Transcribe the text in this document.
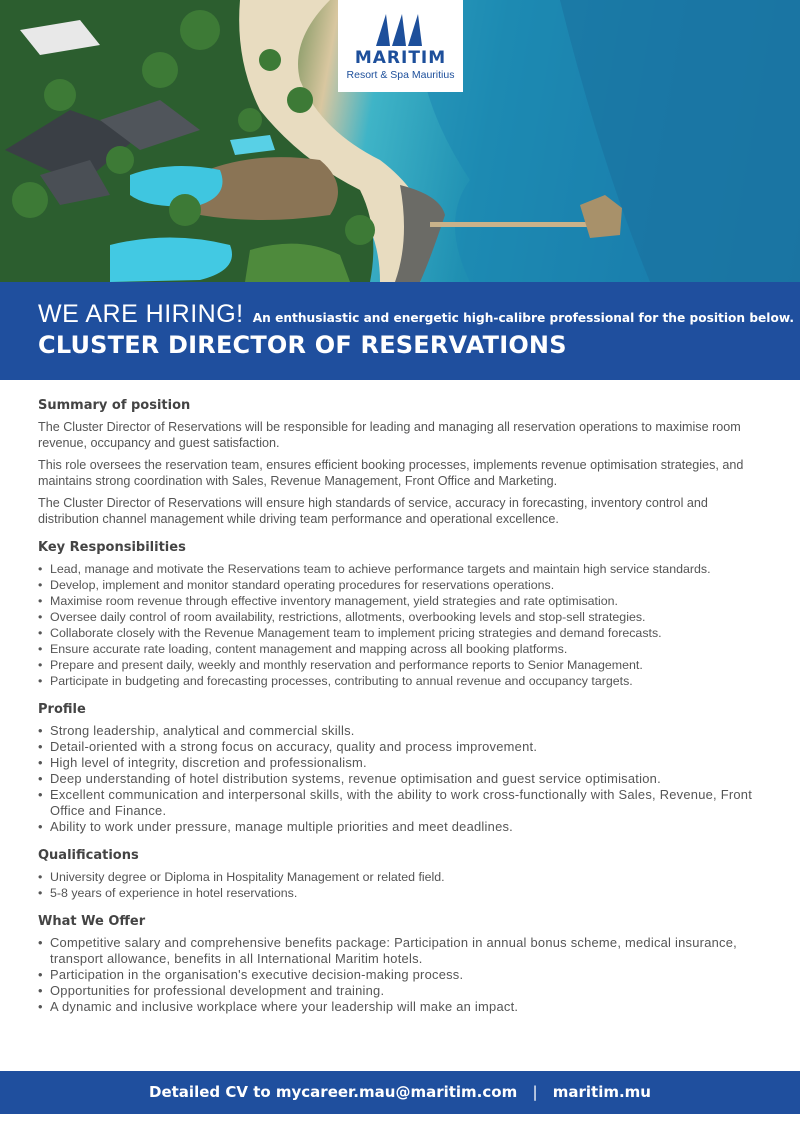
MARITIM
Resort & Spa Mauritius
WE ARE HIRING! An enthusiastic and energetic high-calibre professional for the position below.
CLUSTER DIRECTOR OF RESERVATIONS
Summary of position

The Cluster Director of Reservations will be responsible for leading and managing all reservation operations to maximise room revenue, occupancy and guest satisfaction.

This role oversees the reservation team, ensures efficient booking processes, implements revenue optimisation strategies, and maintains strong coordination with Sales, Revenue Management, Front Office and Marketing.

The Cluster Director of Reservations will ensure high standards of service, accuracy in forecasting, inventory control and distribution channel management while driving team performance and operational excellence.

Key Responsibilities
• Lead, manage and motivate the Reservations team to achieve performance targets and maintain high service standards.
• Develop, implement and monitor standard operating procedures for reservations operations.
• Maximise room revenue through effective inventory management, yield strategies and rate optimisation.
• Oversee daily control of room availability, restrictions, allotments, overbooking levels and stop-sell strategies.
• Collaborate closely with the Revenue Management team to implement pricing strategies and demand forecasts.
• Ensure accurate rate loading, content management and mapping across all booking platforms.
• Prepare and present daily, weekly and monthly reservation and performance reports to Senior Management.
• Participate in budgeting and forecasting processes, contributing to annual revenue and occupancy targets.
Profile
• Strong leadership, analytical and commercial skills.
• Detail-oriented with a strong focus on accuracy, quality and process improvement.
• High level of integrity, discretion and professionalism.
• Deep understanding of hotel distribution systems, revenue optimisation and guest service optimisation.
• Excellent communication and interpersonal skills, with the ability to work cross-functionally with Sales, Revenue, Front Office and Finance.
• Ability to work under pressure, manage multiple priorities and meet deadlines.
Qualifications
• University degree or Diploma in Hospitality Management or related field.
• 5-8 years of experience in hotel reservations.
What We Offer
• Competitive salary and comprehensive benefits package: Participation in annual bonus scheme, medical insurance, transport allowance, benefits in all International Maritim hotels.
• Participation in the organisation's executive decision-making process.
• Opportunities for professional development and training.
• A dynamic and inclusive workplace where your leadership will make an impact.
Detailed CV to mycareer.mau@maritim.com | maritim.mu
